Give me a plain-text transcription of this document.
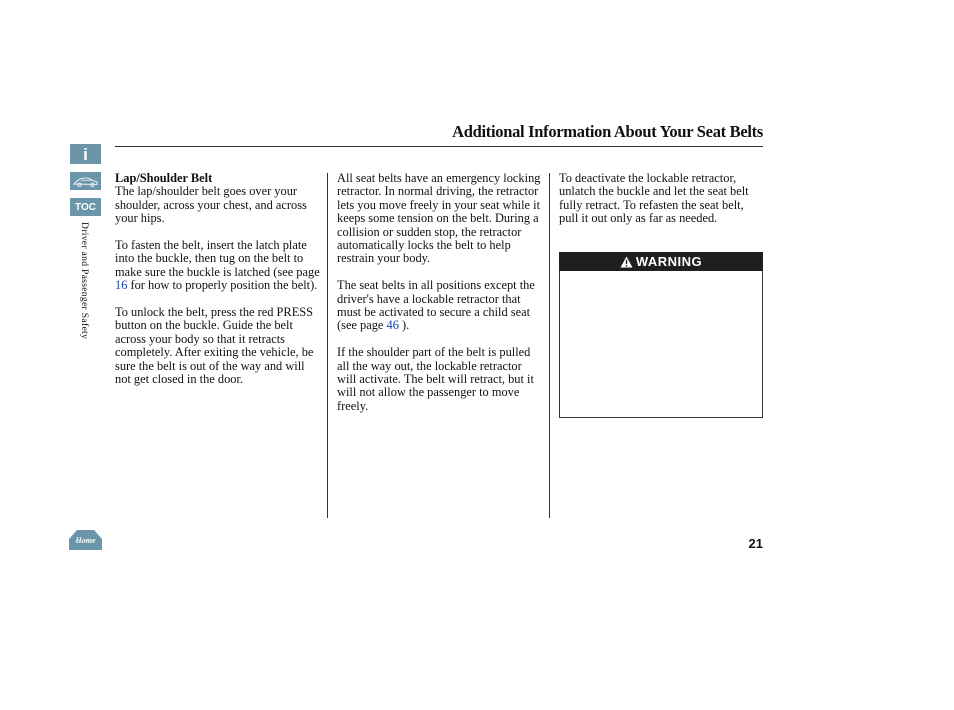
i
TOC
Driver and Passenger Safety
Home
Additional Information About Your Seat Belts
Lap/Shoulder Belt

The lap/shoulder belt goes over your shoulder, across your chest, and across your hips.

To fasten the belt, insert the latch plate into the buckle, then tug on the belt to make sure the buckle is latched (see page 16 for how to properly position the belt).

To unlock the belt, press the red PRESS button on the buckle. Guide the belt across your body so that it retracts completely. After exiting the vehicle, be sure the belt is out of the way and will not get closed in the door.

All seat belts have an emergency locking retractor. In normal driving, the retractor lets you move freely in your seat while it keeps some tension on the belt. During a collision or sudden stop, the retractor automatically locks the belt to help restrain your body.

The seat belts in all positions except the driver's have a lockable retractor that must be activated to secure a child seat (see page 46 ).

If the shoulder part of the belt is pulled all the way out, the lockable retractor will activate. The belt will retract, but it will not allow the passenger to move freely.

To deactivate the lockable retractor, unlatch the buckle and let the seat belt fully retract. To refasten the seat belt, pull it out only as far as needed.

WARNING
21
